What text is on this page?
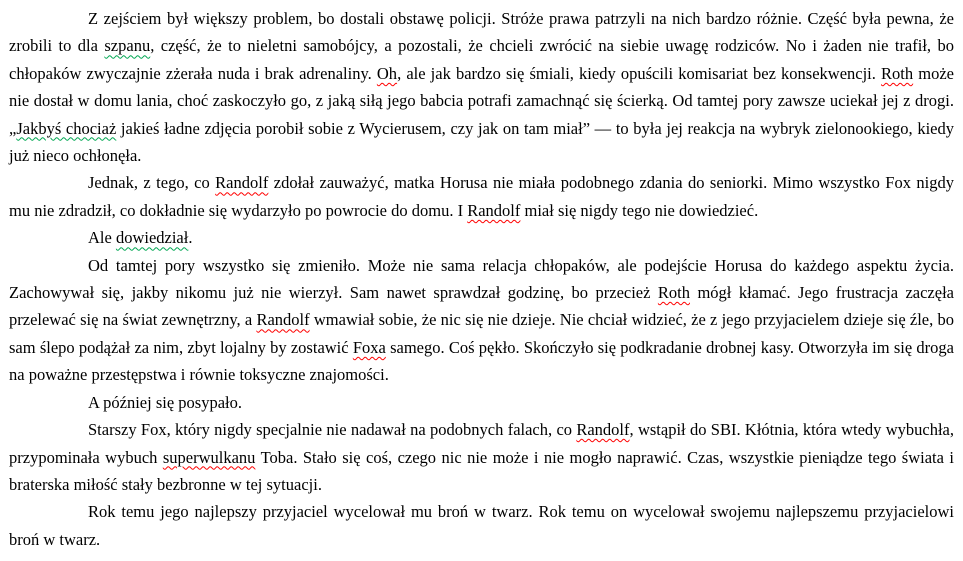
Z zejściem był większy problem, bo dostali obstawę policji. Stróże prawa patrzyli na nich bardzo różnie. Część była pewna, że zrobili to dla szpanu, część, że to nieletni samobójcy, a pozostali, że chcieli zwrócić na siebie uwagę rodziców. No i żaden nie trafił, bo chłopaków zwyczajnie zżerała nuda i brak adrenaliny. Oh, ale jak bardzo się śmiali, kiedy opuścili komisariat bez konsekwencji. Roth może nie dostał w domu lania, choć zaskoczyło go, z jaką siłą jego babcia potrafi zamachnąć się ścierką. Od tamtej pory zawsze uciekał jej z drogi. „Jakbyś chociaż jakieś ładne zdjęcia porobił sobie z Wycierusem, czy jak on tam miał” — to była jej reakcja na wybryk zielonookiego, kiedy już nieco ochłonęła.

Jednak, z tego, co Randolf zdołał zauważyć, matka Horusa nie miała podobnego zdania do seniorki. Mimo wszystko Fox nigdy mu nie zdradził, co dokładnie się wydarzyło po powrocie do domu. I Randolf miał się nigdy tego nie dowiedzieć.

Ale dowiedział.

Od tamtej pory wszystko się zmieniło. Może nie sama relacja chłopaków, ale podejście Horusa do każdego aspektu życia. Zachowywał się, jakby nikomu już nie wierzył. Sam nawet sprawdzał godzinę, bo przecież Roth mógł kłamać. Jego frustracja zaczęła przelewać się na świat zewnętrzny, a Randolf wmawiał sobie, że nic się nie dzieje. Nie chciał widzieć, że z jego przyjacielem dzieje się źle, bo sam ślepo podążał za nim, zbyt lojalny by zostawić Foxa samego. Coś pękło. Skończyło się podkradanie drobnej kasy. Otworzyła im się droga na poważne przestępstwa i równie toksyczne znajomości.

A później się posypało.

Starszy Fox, który nigdy specjalnie nie nadawał na podobnych falach, co Randolf, wstąpił do SBI. Kłótnia, która wtedy wybuchła, przypominała wybuch superwulkanu Toba. Stało się coś, czego nic nie może i nie mogło naprawić. Czas, wszystkie pieniądze tego świata i braterska miłość stały bezbronne w tej sytuacji.

Rok temu jego najlepszy przyjaciel wycelował mu broń w twarz. Rok temu on wycelował swojemu najlepszemu przyjacielowi broń w twarz.
